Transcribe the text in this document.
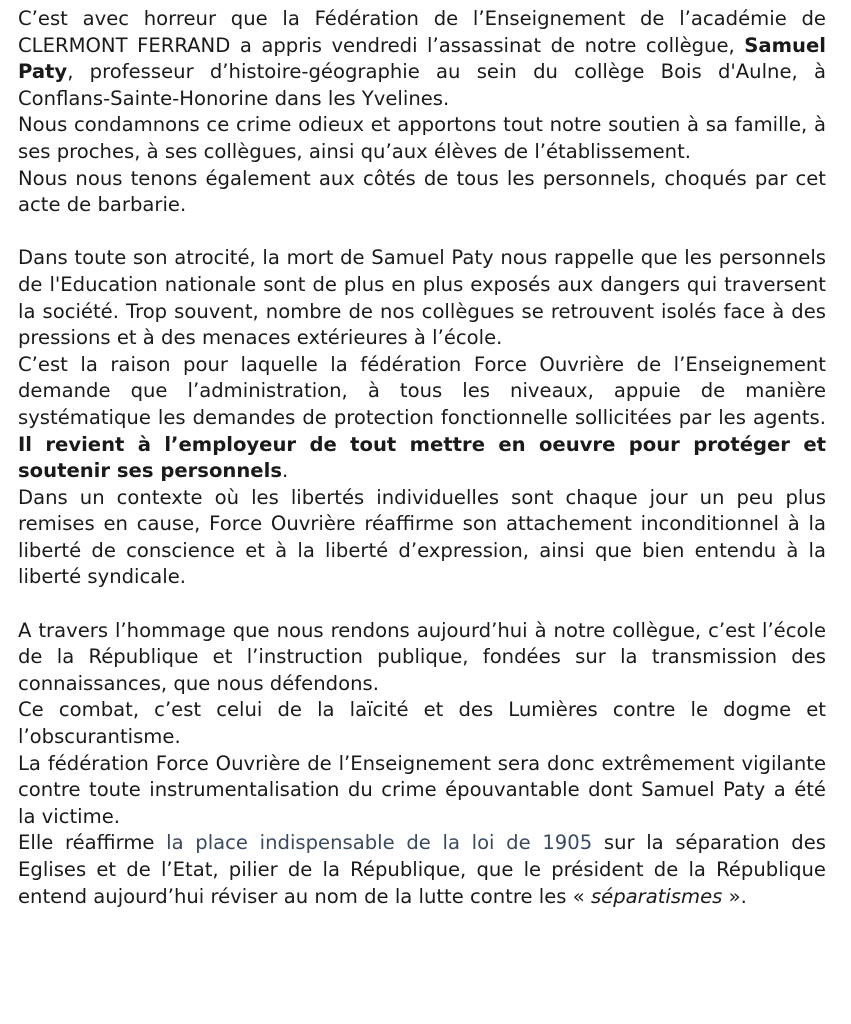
C’est avec horreur que la Fédération de l’Enseignement de l’académie de CLERMONT FERRAND a appris vendredi l’assassinat de notre collègue, Samuel Paty, professeur d’histoire-géographie au sein du collège Bois d'Aulne, à Conflans-Sainte-Honorine dans les Yvelines.

Nous condamnons ce crime odieux et apportons tout notre soutien à sa famille, à ses proches, à ses collègues, ainsi qu’aux élèves de l’établissement.

Nous nous tenons également aux côtés de tous les personnels, choqués par cet acte de barbarie.

Dans toute son atrocité, la mort de Samuel Paty nous rappelle que les personnels de l'Education nationale sont de plus en plus exposés aux dangers qui traversent la société. Trop souvent, nombre de nos collègues se retrouvent isolés face à des pressions et à des menaces extérieures à l’école.

C’est la raison pour laquelle la fédération Force Ouvrière de l’Enseignement demande que l’administration, à tous les niveaux, appuie de manière systématique les demandes de protection fonctionnelle sollicitées par les agents. Il revient à l’employeur de tout mettre en oeuvre pour protéger et soutenir ses personnels.

Dans un contexte où les libertés individuelles sont chaque jour un peu plus remises en cause, Force Ouvrière réaffirme son attachement inconditionnel à la liberté de conscience et à la liberté d’expression, ainsi que bien entendu à la liberté syndicale.

A travers l’hommage que nous rendons aujourd’hui à notre collègue, c’est l’école de la République et l’instruction publique, fondées sur la transmission des connaissances, que nous défendons.

Ce combat, c’est celui de la laïcité et des Lumières contre le dogme et l’obscurantisme.

La fédération Force Ouvrière de l’Enseignement sera donc extrêmement vigilante contre toute instrumentalisation du crime épouvantable dont Samuel Paty a été la victime.

Elle réaffirme la place indispensable de la loi de 1905 sur la séparation des Eglises et de l’Etat, pilier de la République, que le président de la République entend aujourd’hui réviser au nom de la lutte contre les « séparatismes ».
